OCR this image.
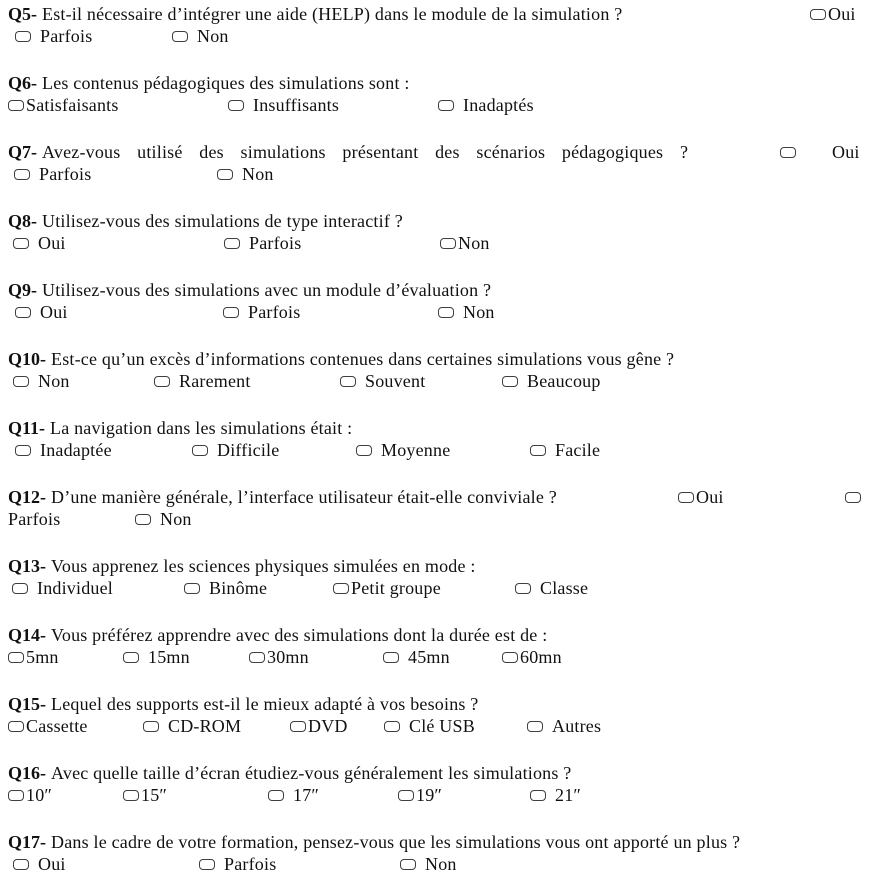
Q5- Est-il nécessaire d’intégrer une aide (HELP) dans le module de la simulation ?	Oui
Parfois	Non
Q6- Les contenus pédagogiques des simulations sont :
Satisfaisants	Insuffisants	Inadaptés
Q7- Avez-vous utilisé des simulations présentant des scénarios pédagogiques ?	Oui
Parfois	Non
Q8- Utilisez-vous des simulations de type interactif ?
Oui	Parfois	Non
Q9- Utilisez-vous des simulations avec un module d’évaluation ?
Oui	Parfois	Non
Q10- Est-ce qu’un excès d’informations contenues dans certaines simulations vous gêne ?
Non	Rarement	Souvent	Beaucoup
Q11- La navigation dans les simulations était :
Inadaptée	Difficile	Moyenne	Facile
Q12- D’une manière générale, l’interface utilisateur était-elle conviviale ?	Oui
Parfois	Non
Q13- Vous apprenez les sciences physiques simulées en mode :
Individuel	Binôme	Petit groupe	Classe
Q14- Vous préférez apprendre avec des simulations dont la durée est de :
5mn	15mn	30mn	45mn	60mn
Q15- Lequel des supports est-il le mieux adapté à vos besoins ?
Cassette	CD-ROM	DVD	Clé USB	Autres
Q16- Avec quelle taille d’écran étudiez-vous généralement les simulations ?
10″	15″	17″	19″	21″
Q17- Dans le cadre de votre formation, pensez-vous que les simulations vous ont apporté un plus ?
Oui	Parfois	Non
